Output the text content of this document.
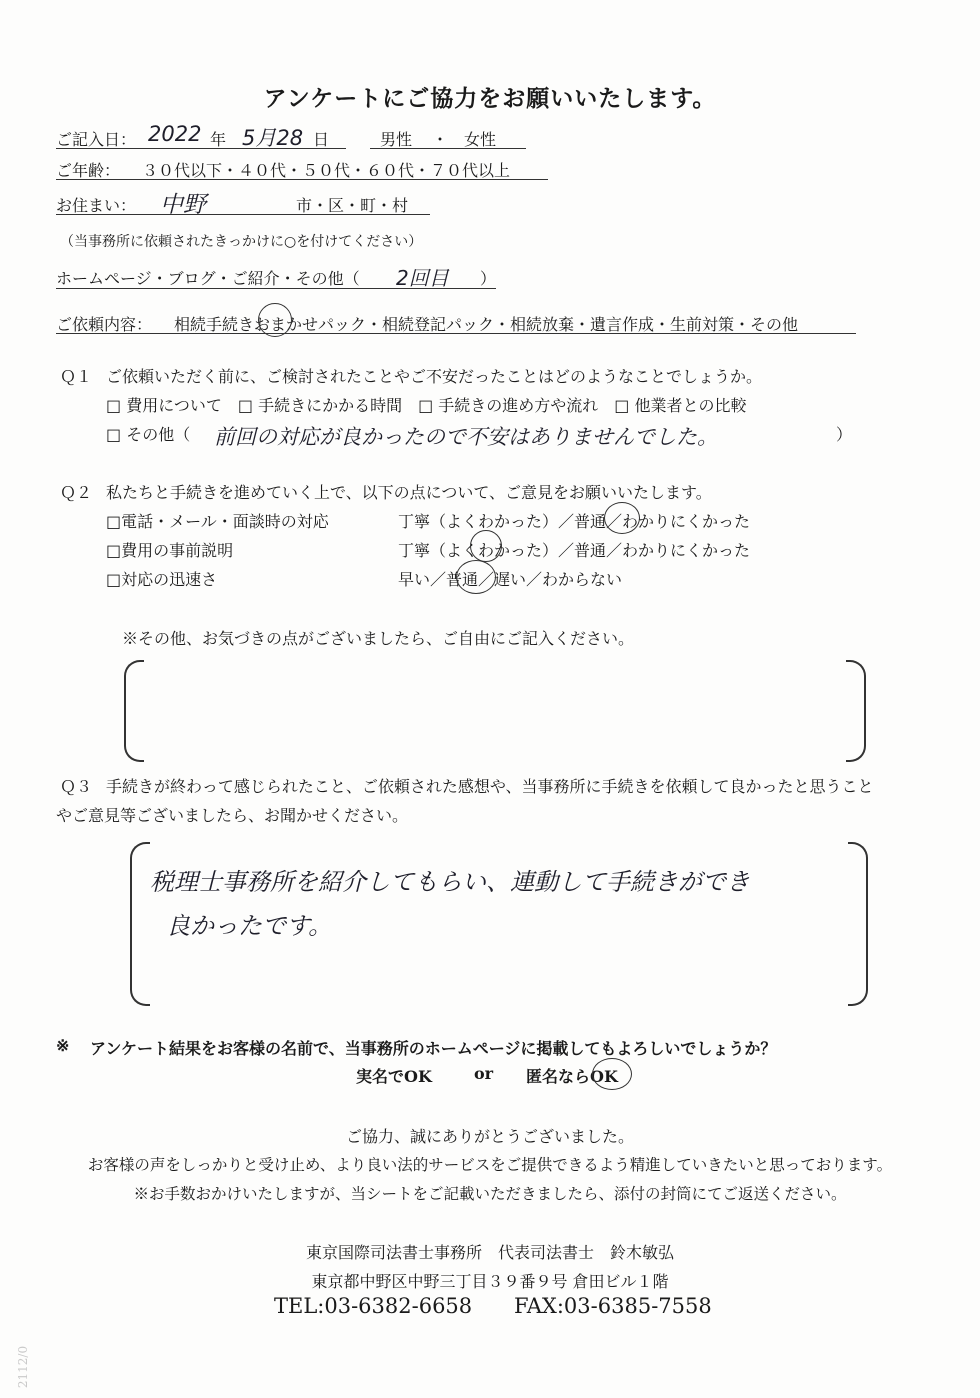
アンケートにご協力をお願いいたします。
ご記入日： 2022 年 5月28 日	男性 ・ 女性
ご年齢： ３０代以下・４０代・５０代・６０代・７０代以上
お住まい： 中野	市・区・町・村
（当事務所に依頼されたきっかけに○を付けてください）
ホームページ・ブログ・ご紹介・その他（ 2回目 ）
ご依頼内容： 相続手続きおまかせパック・相続登記パック・相続放棄・遺言作成・生前対策・その他
Ｑ１ ご依頼いただく前に、ご検討されたことやご不安だったことはどのようなことでしょうか。
□ 費用について　□ 手続きにかかる時間　□ 手続きの進め方や流れ　□ 他業者との比較
□ その他（ 前回の対応が良かったので不安はありませんでした。	）
Ｑ２ 私たちと手続きを進めていく上で、以下の点について、ご意見をお願いいたします。
□電話・メール・面談時の対応	丁寧（よくわかった）／普通／わかりにくかった
□費用の事前説明	丁寧（よくわかった）／普通／わかりにくかった
□対応の迅速さ	早い／普通／遅い／わからない
※その他、お気づきの点がございましたら、ご自由にご記入ください。
Ｑ３ 手続きが終わって感じられたこと、ご依頼された感想や、当事務所に手続きを依頼して良かったと思うこと
やご意見等ございましたら、お聞かせください。
税理士事務所を紹介してもらい、連動して手続きができ
良かったです。
※ アンケート結果をお客様の名前で、当事務所のホームページに掲載してもよろしいでしょうか？
実名でOK	or 匿名ならOK
ご協力、誠にありがとうございました。
お客様の声をしっかりと受け止め、より良い法的サービスをご提供できるよう精進していきたいと思っております。
※お手数おかけいたしますが、当シートをご記載いただきましたら、添付の封筒にてご返送ください。
東京国際司法書士事務所　代表司法書士　鈴木敏弘
東京都中野区中野三丁目３９番９号 倉田ビル１階
TEL:03-6382-6658 FAX:03-6385-7558
2112/0
